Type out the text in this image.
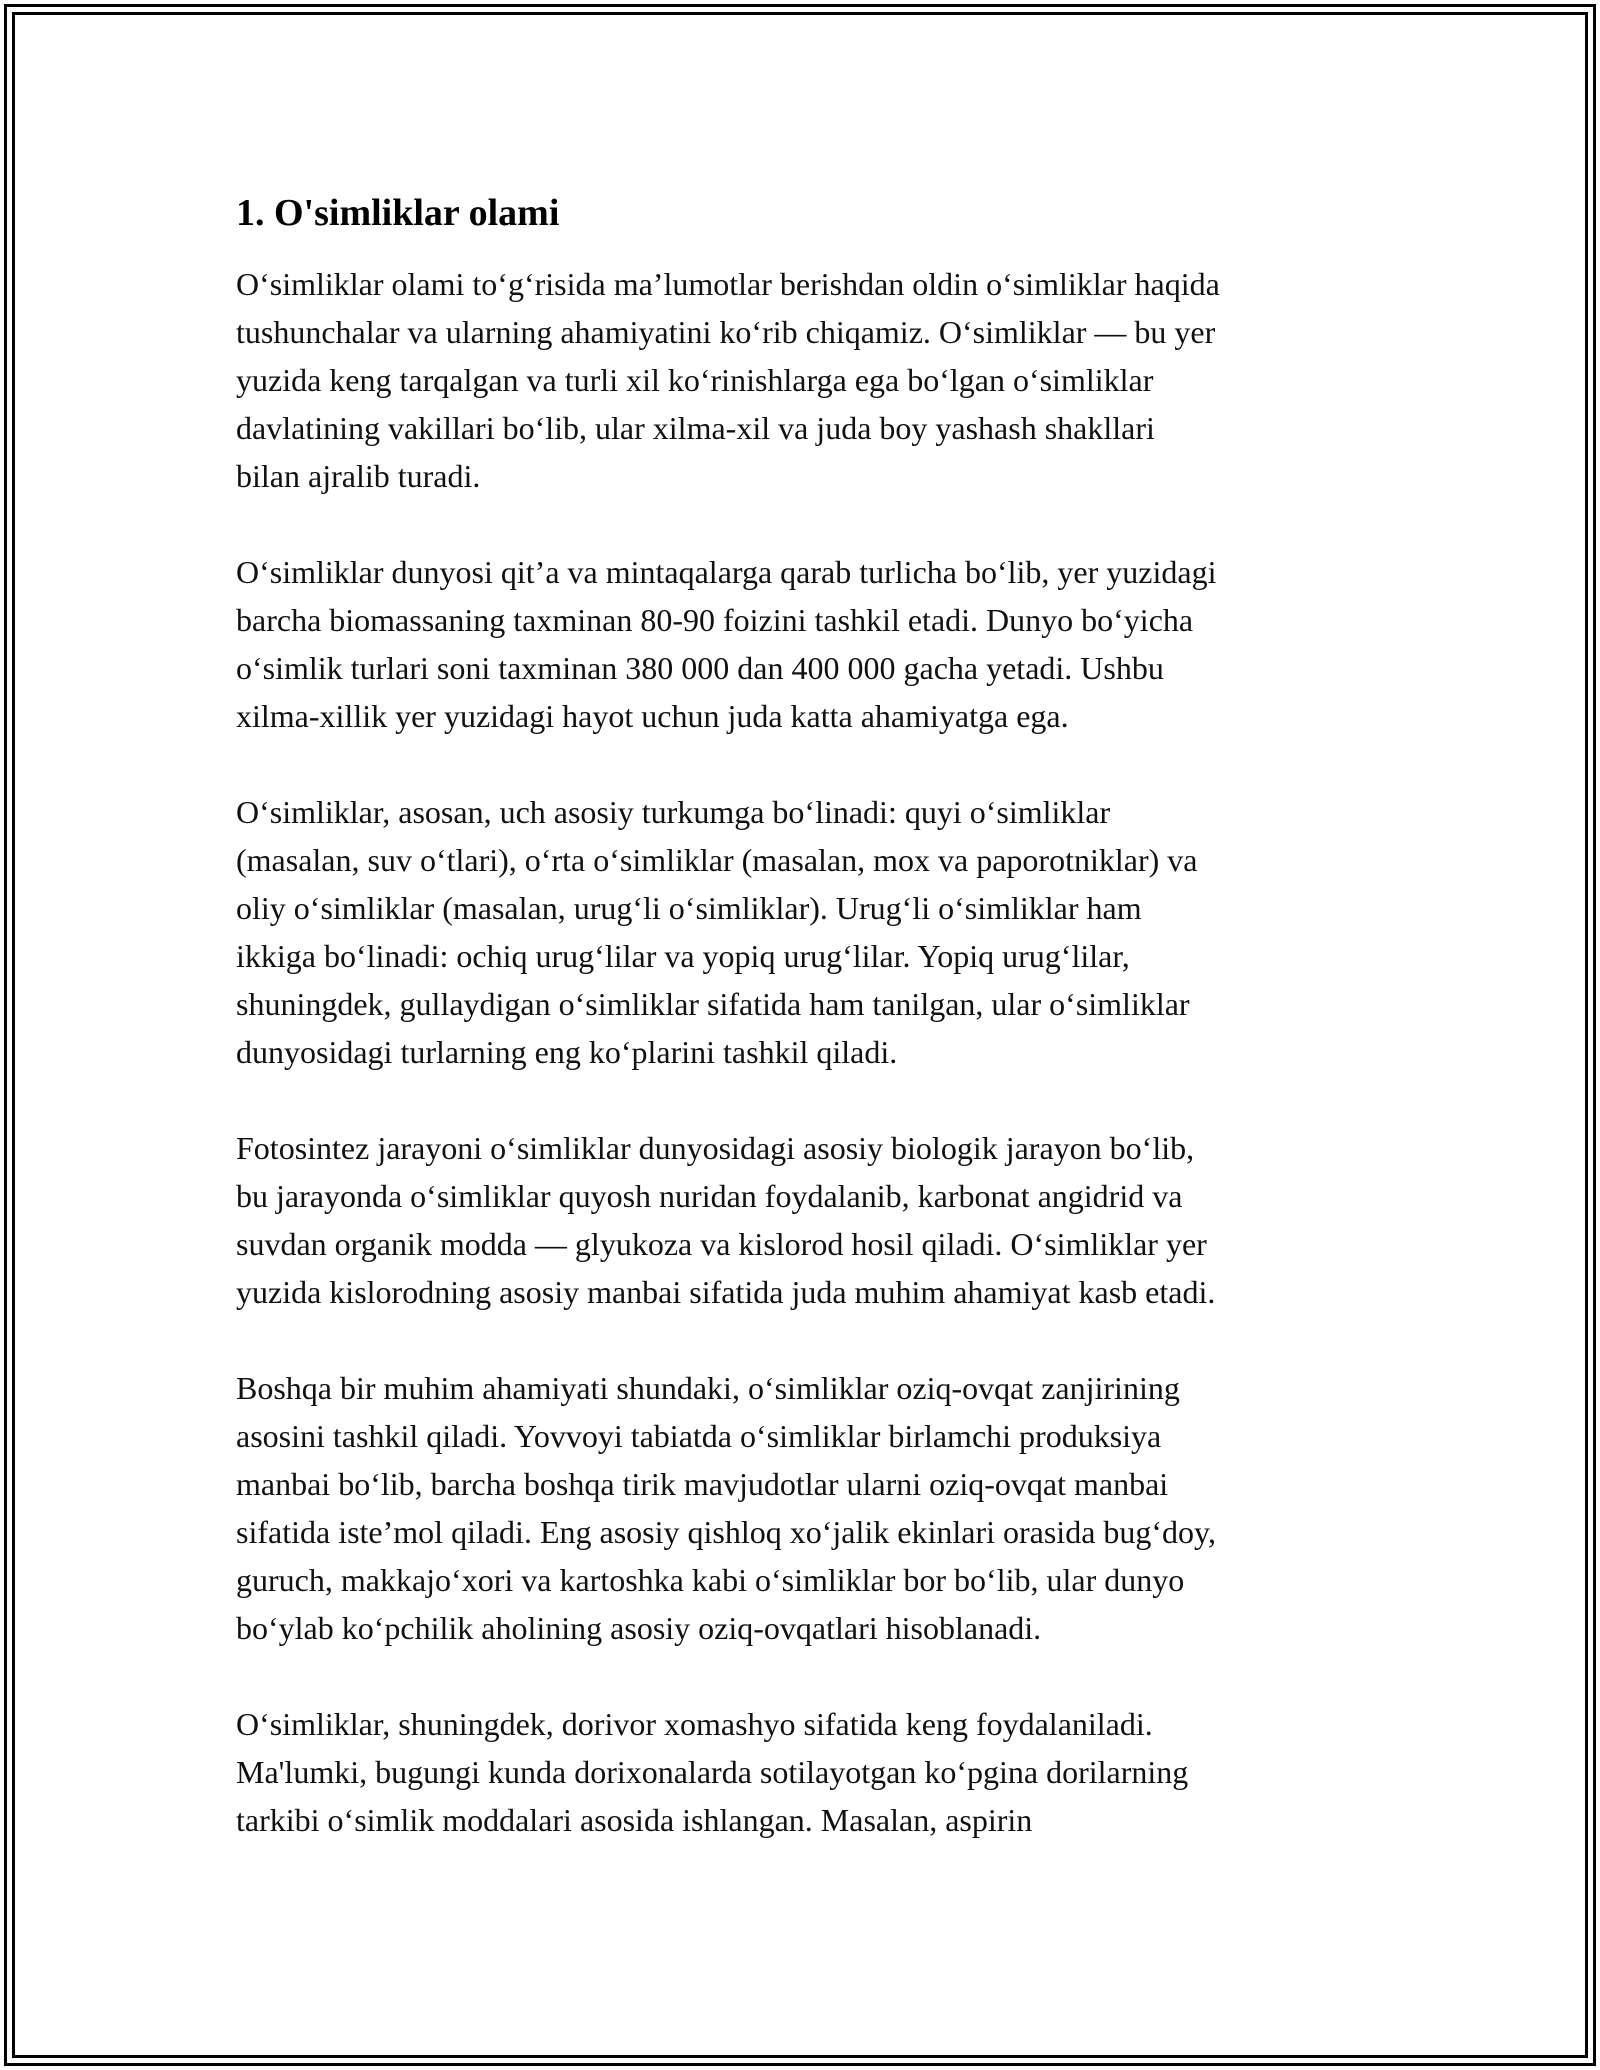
1. O'simliklar olami
O‘simliklar olami to‘g‘risida ma’lumotlar berishdan oldin o‘simliklar haqida
tushunchalar va ularning ahamiyatini ko‘rib chiqamiz. O‘simliklar — bu yer
yuzida keng tarqalgan va turli xil ko‘rinishlarga ega bo‘lgan o‘simliklar
davlatining vakillari bo‘lib, ular xilma-xil va juda boy yashash shakllari
bilan ajralib turadi.
O‘simliklar dunyosi qit’a va mintaqalarga qarab turlicha bo‘lib, yer yuzidagi
barcha biomassaning taxminan 80-90 foizini tashkil etadi. Dunyo bo‘yicha
o‘simlik turlari soni taxminan 380 000 dan 400 000 gacha yetadi. Ushbu
xilma-xillik yer yuzidagi hayot uchun juda katta ahamiyatga ega.
O‘simliklar, asosan, uch asosiy turkumga bo‘linadi: quyi o‘simliklar
(masalan, suv o‘tlari), o‘rta o‘simliklar (masalan, mox va paporotniklar) va
oliy o‘simliklar (masalan, urug‘li o‘simliklar). Urug‘li o‘simliklar ham
ikkiga bo‘linadi: ochiq urug‘lilar va yopiq urug‘lilar. Yopiq urug‘lilar,
shuningdek, gullaydigan o‘simliklar sifatida ham tanilgan, ular o‘simliklar
dunyosidagi turlarning eng ko‘plarini tashkil qiladi.
Fotosintez jarayoni o‘simliklar dunyosidagi asosiy biologik jarayon bo‘lib,
bu jarayonda o‘simliklar quyosh nuridan foydalanib, karbonat angidrid va
suvdan organik modda — glyukoza va kislorod hosil qiladi. O‘simliklar yer
yuzida kislorodning asosiy manbai sifatida juda muhim ahamiyat kasb etadi.
Boshqa bir muhim ahamiyati shundaki, o‘simliklar oziq-ovqat zanjirining
asosini tashkil qiladi. Yovvoyi tabiatda o‘simliklar birlamchi produksiya
manbai bo‘lib, barcha boshqa tirik mavjudotlar ularni oziq-ovqat manbai
sifatida iste’mol qiladi. Eng asosiy qishloq xo‘jalik ekinlari orasida bug‘doy,
guruch, makkajo‘xori va kartoshka kabi o‘simliklar bor bo‘lib, ular dunyo
bo‘ylab ko‘pchilik aholining asosiy oziq-ovqatlari hisoblanadi.
O‘simliklar, shuningdek, dorivor xomashyo sifatida keng foydalaniladi.
Ma'lumki, bugungi kunda dorixonalarda sotilayotgan ko‘pgina dorilarning
tarkibi o‘simlik moddalari asosida ishlangan. Masalan, aspirin
